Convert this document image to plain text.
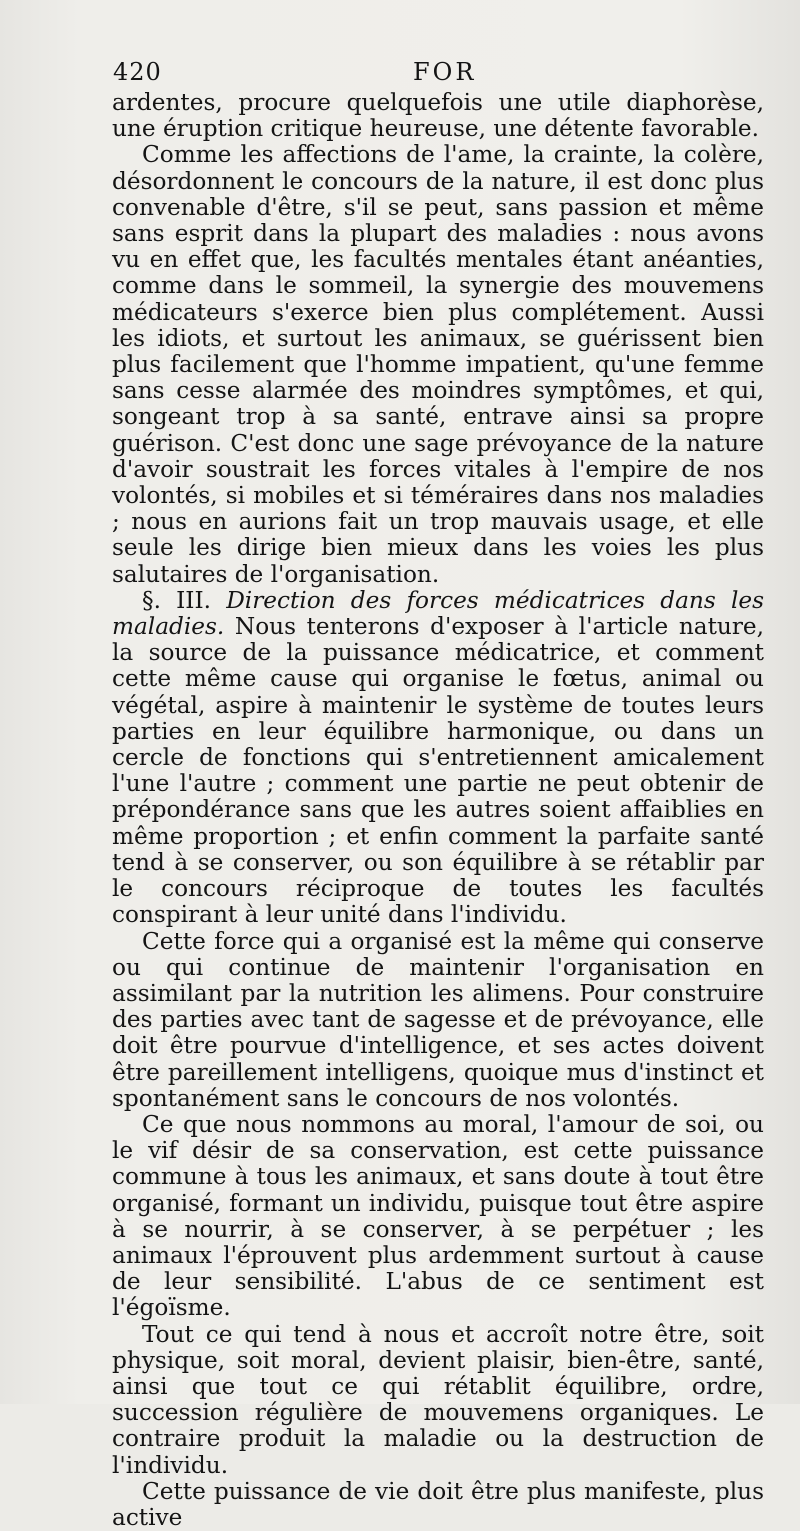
420	FOR

ardentes, procure quelquefois une utile diaphorèse, une éruption critique heureuse, une détente favorable.

Comme les affections de l'ame, la crainte, la colère, désordonnent le concours de la nature, il est donc plus convenable d'être, s'il se peut, sans passion et même sans esprit dans la plupart des maladies : nous avons vu en effet que, les facultés mentales étant anéanties, comme dans le sommeil, la synergie des mouvemens médicateurs s'exerce bien plus complétement. Aussi les idiots, et surtout les animaux, se guérissent bien plus facilement que l'homme impatient, qu'une femme sans cesse alarmée des moindres symptômes, et qui, songeant trop à sa santé, entrave ainsi sa propre guérison. C'est donc une sage prévoyance de la nature d'avoir soustrait les forces vitales à l'empire de nos volontés, si mobiles et si téméraires dans nos maladies ; nous en aurions fait un trop mauvais usage, et elle seule les dirige bien mieux dans les voies les plus salutaires de l'organisation.

§. III. Direction des forces médicatrices dans les maladies. Nous tenterons d'exposer à l'article nature, la source de la puissance médicatrice, et comment cette même cause qui organise le fœtus, animal ou végétal, aspire à maintenir le système de toutes leurs parties en leur équilibre harmonique, ou dans un cercle de fonctions qui s'entretiennent amicalement l'une l'autre ; comment une partie ne peut obtenir de prépondérance sans que les autres soient affaiblies en même proportion ; et enfin comment la parfaite santé tend à se conserver, ou son équilibre à se rétablir par le concours réciproque de toutes les facultés conspirant à leur unité dans l'individu.

Cette force qui a organisé est la même qui conserve ou qui continue de maintenir l'organisation en assimilant par la nutrition les alimens. Pour construire des parties avec tant de sagesse et de prévoyance, elle doit être pourvue d'intelligence, et ses actes doivent être pareillement intelligens, quoique mus d'instinct et spontanément sans le concours de nos volontés.

Ce que nous nommons au moral, l'amour de soi, ou le vif désir de sa conservation, est cette puissance commune à tous les animaux, et sans doute à tout être organisé, formant un individu, puisque tout être aspire à se nourrir, à se conserver, à se perpétuer ; les animaux l'éprouvent plus ardemment surtout à cause de leur sensibilité. L'abus de ce sentiment est l'égoïsme.

Tout ce qui tend à nous et accroît notre être, soit physique, soit moral, devient plaisir, bien-être, santé, ainsi que tout ce qui rétablit équilibre, ordre, succession régulière de mouvemens organiques. Le contraire produit la maladie ou la destruction de l'individu.

Cette puissance de vie doit être plus manifeste, plus active
